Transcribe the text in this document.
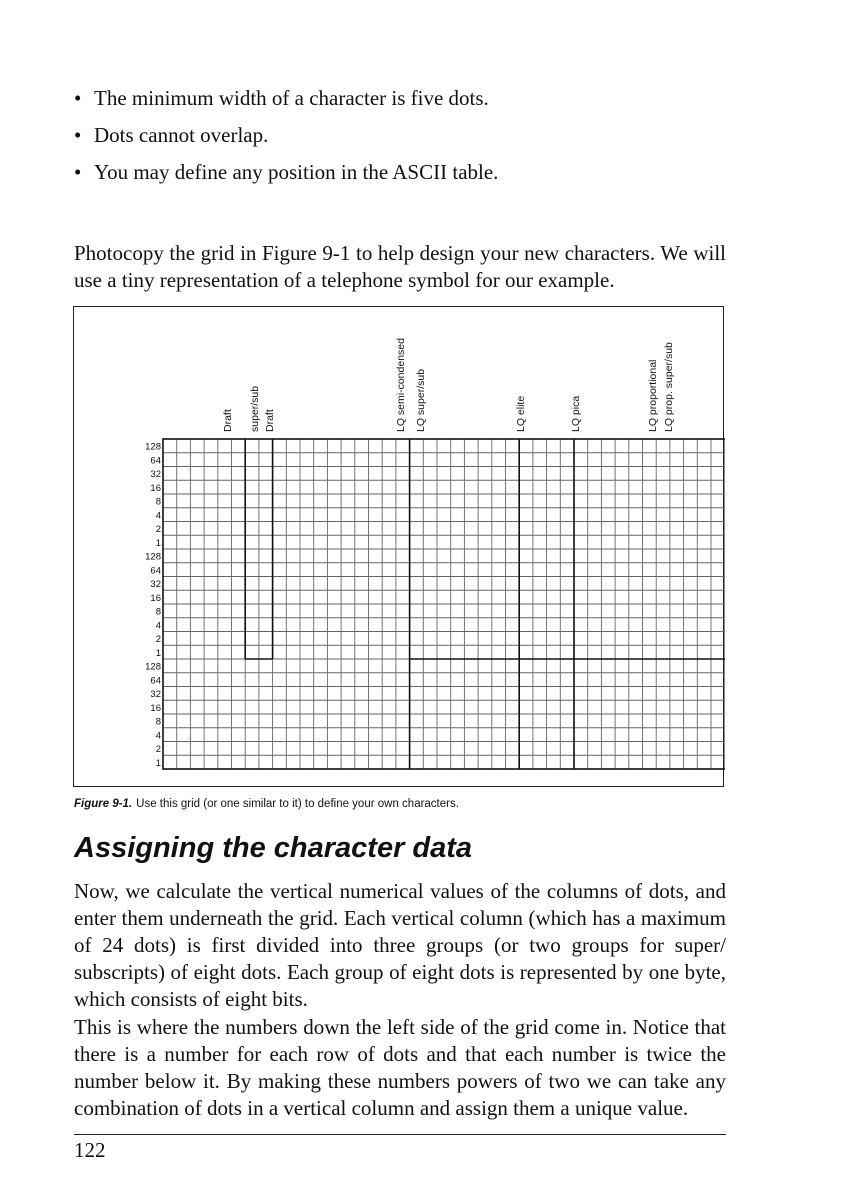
• The minimum width of a character is five dots.
• Dots cannot overlap.
• You may define any position in the ASCII table.

Photocopy the grid in Figure 9-1 to help design your new characters. We will use a tiny representation of a telephone symbol for our example.

128
64
32
16
8
4
2
1
128
64
32
16
8
4
2
1
128
64
32
16
8
4
2
1
Draft super/sub Draft	LQ semi-condensed LQ super/sub	LQ elite	LQ pica	LQ proportional LQ prop. super/sub

Figure 9-1. Use this grid (or one similar to it) to define your own characters.

Assigning the character data

Now, we calculate the vertical numerical values of the columns of dots, and enter them underneath the grid. Each vertical column (which has a maximum of 24 dots) is first divided into three groups (or two groups for super/ subscripts) of eight dots. Each group of eight dots is represented by one byte, which consists of eight bits.

This is where the numbers down the left side of the grid come in. Notice that there is a number for each row of dots and that each number is twice the number below it. By making these numbers powers of two we can take any combination of dots in a vertical column and assign them a unique value.

122
